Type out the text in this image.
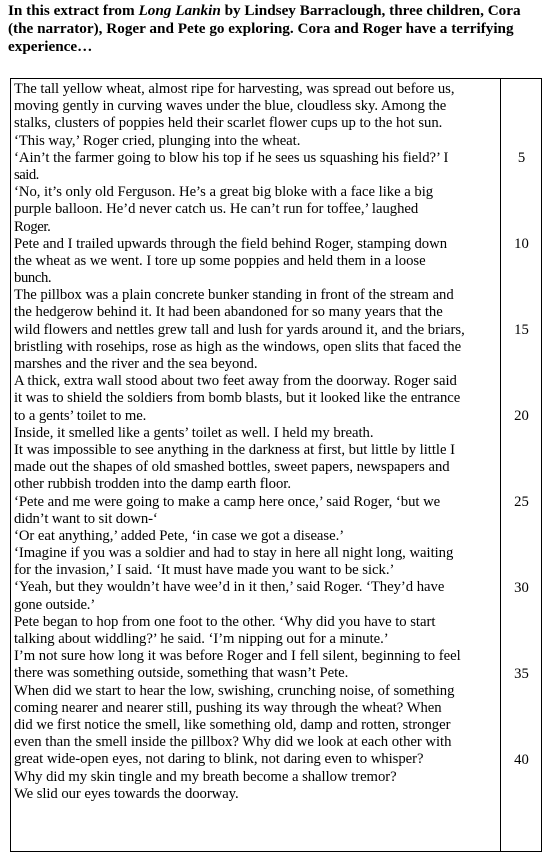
In this extract from Long Lankin by Lindsey Barraclough, three children, Cora (the narrator), Roger and Pete go exploring. Cora and Roger have a terrifying experience…
The tall yellow wheat, almost ripe for harvesting, was spread out before us,
moving gently in curving waves under the blue, cloudless sky. Among the
stalks, clusters of poppies held their scarlet flower cups up to the hot sun.
‘This way,’ Roger cried, plunging into the wheat.
‘Ain’t the farmer going to blow his top if he sees us squashing his field?’ I
said.
‘No, it’s only old Ferguson. He’s a great big bloke with a face like a big
purple balloon. He’d never catch us. He can’t run for toffee,’ laughed
Roger.
Pete and I trailed upwards through the field behind Roger, stamping down
the wheat as we went. I tore up some poppies and held them in a loose
bunch.
The pillbox was a plain concrete bunker standing in front of the stream and
the hedgerow behind it. It had been abandoned for so many years that the
wild flowers and nettles grew tall and lush for yards around it, and the briars,
bristling with rosehips, rose as high as the windows, open slits that faced the
marshes and the river and the sea beyond.
A thick, extra wall stood about two feet away from the doorway. Roger said
it was to shield the soldiers from bomb blasts, but it looked like the entrance
to a gents’ toilet to me.
Inside, it smelled like a gents’ toilet as well. I held my breath.
It was impossible to see anything in the darkness at first, but little by little I
made out the shapes of old smashed bottles, sweet papers, newspapers and
other rubbish trodden into the damp earth floor.
‘Pete and me were going to make a camp here once,’ said Roger, ‘but we
didn’t want to sit down-‘
‘Or eat anything,’ added Pete, ‘in case we got a disease.’
‘Imagine if you was a soldier and had to stay in here all night long, waiting
for the invasion,’ I said. ‘It must have made you want to be sick.’
‘Yeah, but they wouldn’t have wee’d in it then,’ said Roger. ‘They’d have
gone outside.’
Pete began to hop from one foot to the other. ‘Why did you have to start
talking about widdling?’ he said. ‘I’m nipping out for a minute.’
I’m not sure how long it was before Roger and I fell silent, beginning to feel
there was something outside, something that wasn’t Pete.
When did we start to hear the low, swishing, crunching noise, of something
coming nearer and nearer still, pushing its way through the wheat? When
did we first notice the smell, like something old, damp and rotten, stronger
even than the smell inside the pillbox? Why did we look at each other with
great wide-open eyes, not daring to blink, not daring even to whisper?
Why did my skin tingle and my breath become a shallow tremor?
We slid our eyes towards the doorway.
5
10
15
20
25
30
35
40
